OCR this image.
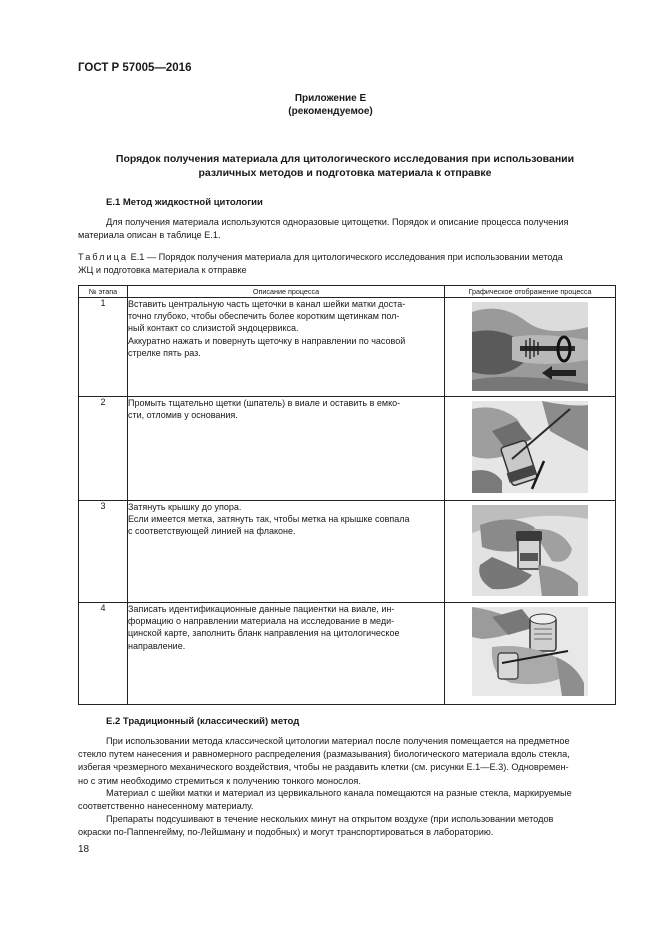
ГОСТ Р 57005—2016
Приложение Е
(рекомендуемое)
Порядок получения материала для цитологического исследования при использовании
различных методов и подготовка материала к отправке
Е.1 Метод жидкостной цитологии
Для получения материала используются одноразовые цитощетки. Порядок и описание процесса получения
материала описан в таблице Е.1.
Таблица Е.1 — Порядок получения материала для цитологического исследования при использовании метода
ЖЦ и подготовка материала к отправке
№ этапа	Описание процесса	Графическое отображение процесса
1	Вставить центральную часть щеточки в канал шейки матки доста-
точно глубоко, чтобы обеспечить более коротким щетинкам пол-
ный контакт со слизистой эндоцервикса.
Аккуратно нажать и повернуть щеточку в направлении по часовой
стрелке пять раз.

2	Промыть тщательно щетки (шпатель) в виале и оставить в емко-
сти, отломив у основания.

3	Затянуть крышку до упора.
Если имеется метка, затянуть так, чтобы метка на крышке совпала
с соответствующей линией на флаконе.

4	Записать идентификационные данные пациентки на виале, ин-
формацию о направлении материала на исследование в меди-
цинской карте, заполнить бланк направления на цитологическое
направление.

Е.2 Традиционный (классический) метод
При использовании метода классической цитологии материал после получения помещается на предметное
стекло путем нанесения и равномерного распределения (размазывания) биологического материала вдоль стекла,
избегая чрезмерного механического воздействия, чтобы не раздавить клетки (см. рисунки Е.1—Е.3). Одновремен-
но с этим необходимо стремиться к получению тонкого монослоя.
Материал с шейки матки и материал из цервикального канала помещаются на разные стекла, маркируемые
соответственно нанесенному материалу.
Препараты подсушивают в течение нескольких минут на открытом воздухе (при использовании методов
окраски по-Паппенгейму, по-Лейшману и подобных) и могут транспортироваться в лабораторию.
18
